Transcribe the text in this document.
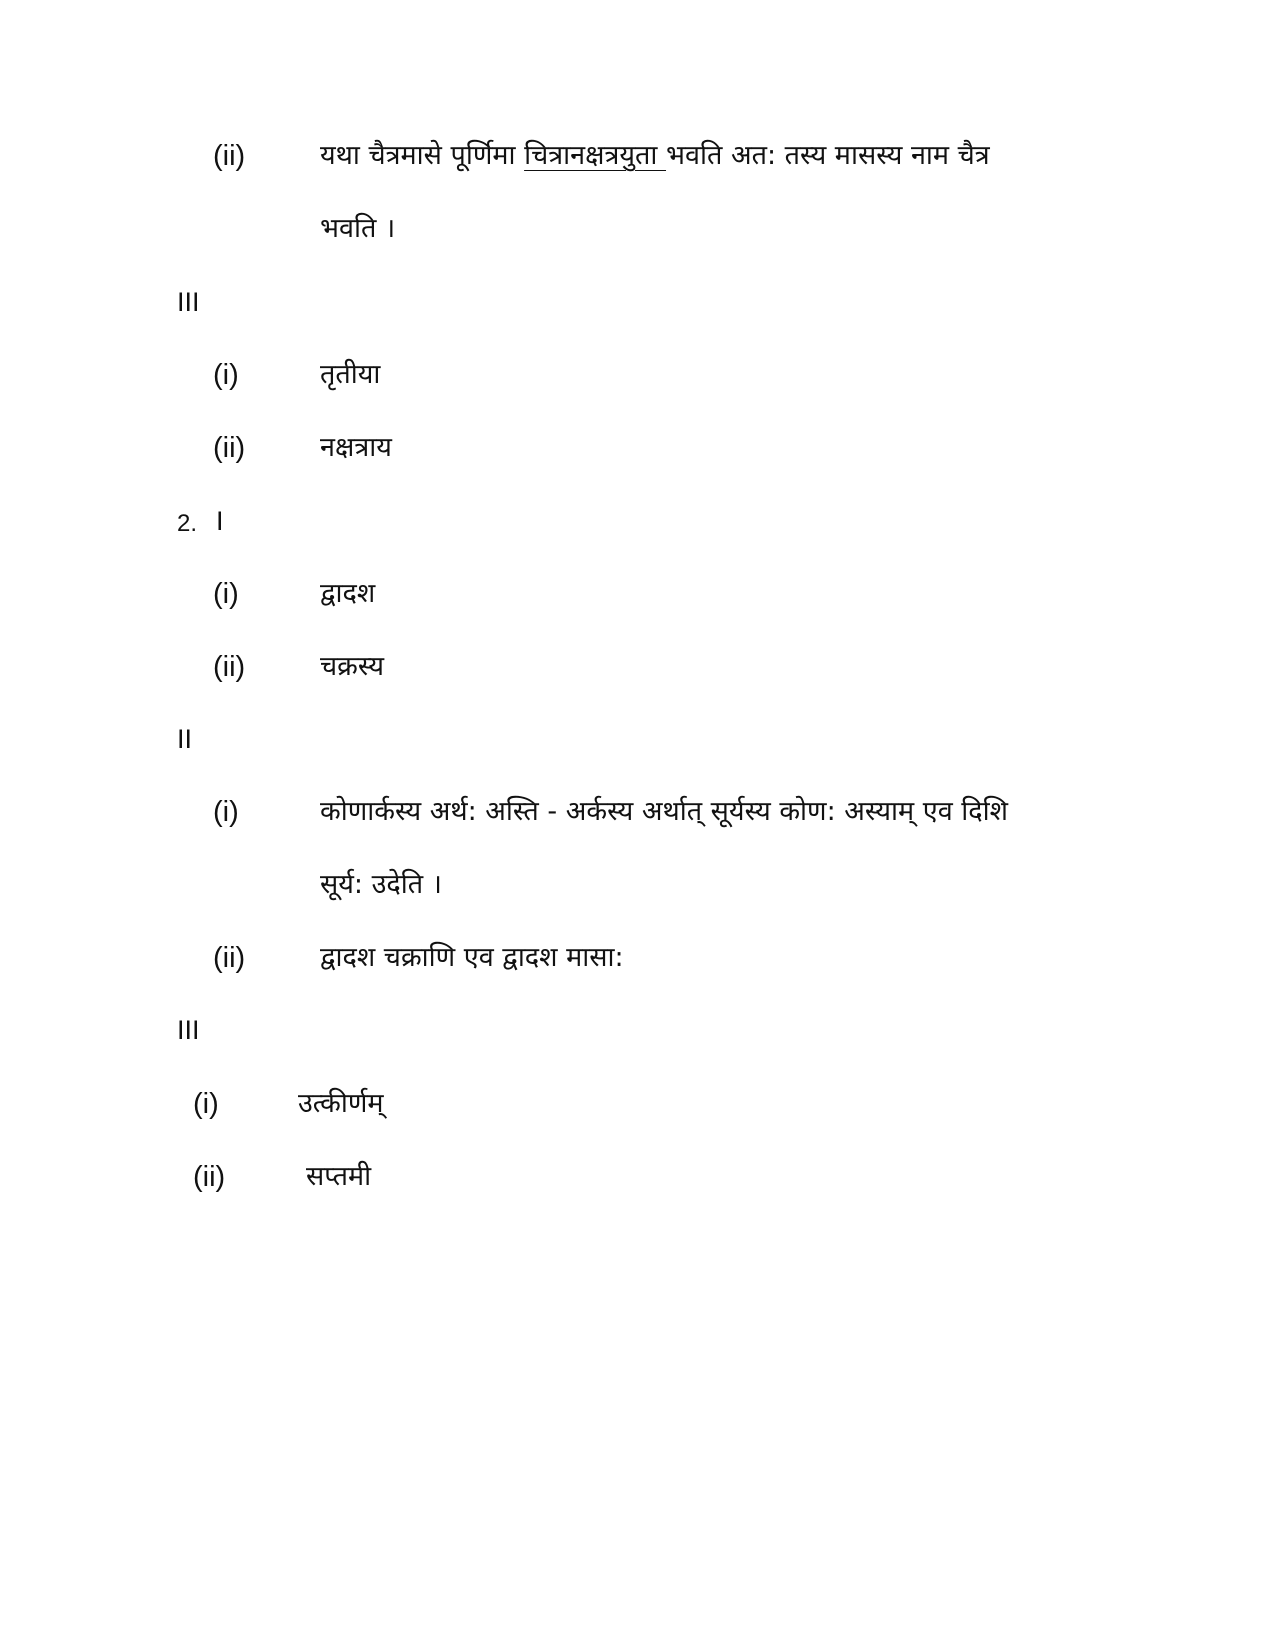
(ii)	यथा चैत्रमासे पूर्णिमा चित्रानक्षत्रयुता भवति अत: तस्य मासस्य नाम चैत्र
भवति ।
III
(i)	तृतीया
(ii)	नक्षत्राय
2. I
(i)	द्वादश
(ii)	चक्रस्य
II
(i)	कोणार्कस्य अर्थ: अस्ति - अर्कस्य अर्थात् सूर्यस्य कोण: अस्याम् एव दिशि
सूर्य: उदेति ।
(ii)	द्वादश चक्राणि एव द्वादश मासा:
III
(i)	उत्कीर्णम्
(ii)	सप्तमी
